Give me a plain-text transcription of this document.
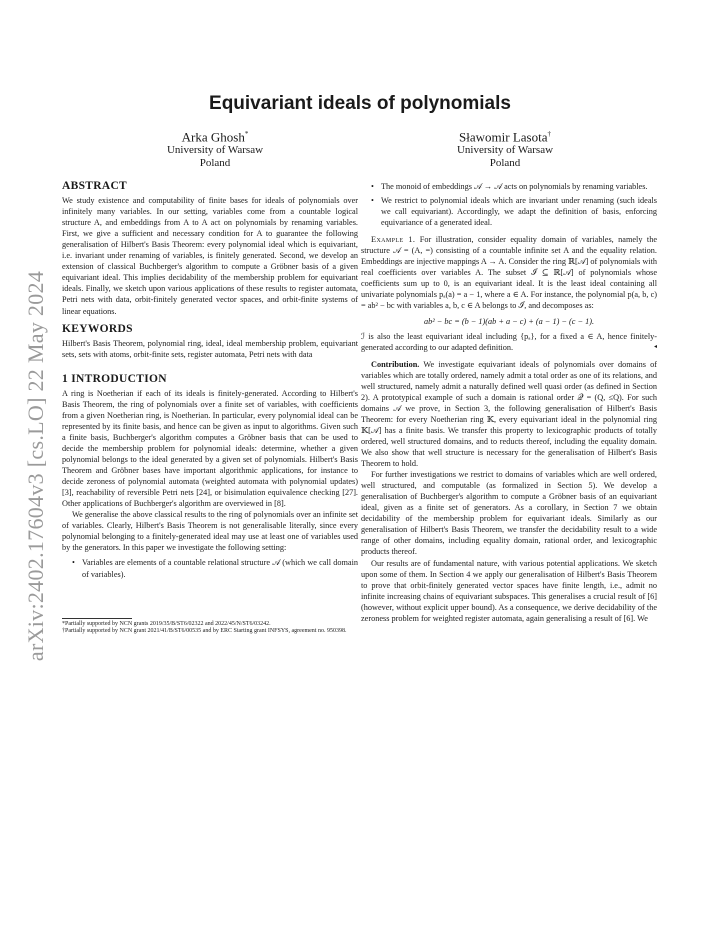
arXiv:2402.17604v3 [cs.LO] 22 May 2024
Equivariant ideals of polynomials
Arka Ghosh*
University of Warsaw
Poland
Sławomir Lasota†
University of Warsaw
Poland
ABSTRACT

We study existence and computability of finite bases for ideals of polynomials over infinitely many variables. In our setting, variables come from a countable logical structure A, and embeddings from A to A act on polynomials by renaming variables. First, we give a sufficient and necessary condition for A to guarantee the following generalisation of Hilbert's Basis Theorem: every polynomial ideal which is equivariant, i.e. invariant under renaming of variables, is finitely generated. Second, we develop an extension of classical Buchberger's algorithm to compute a Gröbner basis of a given equivariant ideal. This implies decidability of the membership problem for equivariant ideals. Finally, we sketch upon various applications of these results to register automata, Petri nets with data, orbit-finitely generated vector spaces, and orbit-finite systems of linear equations.

KEYWORDS

Hilbert's Basis Theorem, polynomial ring, ideal, ideal membership problem, equivariant sets, sets with atoms, orbit-finite sets, register automata, Petri nets with data

1 INTRODUCTION

A ring is Noetherian if each of its ideals is finitely-generated. According to Hilbert's Basis Theorem, the ring of polynomials over a finite set of variables, with coefficients from a given Noetherian ring, is Noetherian. In particular, every polynomial ideal can be represented by its finite basis, and hence can be given as input to algorithms. Given such a finite basis, Buchberger's algorithm computes a Gröbner basis that can be used to decide the membership problem for polynomial ideals: determine, whether a given polynomial belongs to the ideal generated by a given set of polynomials. Hilbert's Basis Theorem and Gröbner bases have important algorithmic applications, for instance to decide zeroness of polynomial automata (weighted automata with polynomial updates) [3], reachability of reversible Petri nets [24], or bisimulation equivalence checking [27]. Other applications of Buchberger's algorithm are overviewed in [8].

We generalise the above classical results to the ring of polynomials over an infinite set of variables. Clearly, Hilbert's Basis Theorem is not generalisable literally, since every polynomial belonging to a finitely-generated ideal may use at least one of variables used by the generators. In this paper we investigate the following setting:

• Variables are elements of a countable relational structure 𝒜 (which we call domain of variables).
*Partially supported by NCN grants 2019/35/B/ST6/02322 and 2022/45/N/ST6/03242.
†Partially supported by NCN grant 2021/41/B/ST6/00535 and by ERC Starting grant INFSYS, agreement no. 950398.
• The monoid of embeddings 𝒜 → 𝒜 acts on polynomials by renaming variables.
• We restrict to polynomial ideals which are invariant under renaming (such ideals we call equivariant). Accordingly, we adapt the definition of basis, enforcing equivariance of a generated ideal.

Example 1. For illustration, consider equality domain of variables, namely the structure 𝒜 = (A, =) consisting of a countable infinite set A and the equality relation. Embeddings are injective mappings A → A. Consider the ring ℝ[𝒜] of polynomials with real coefficients over variables A. The subset ℐ ⊆ ℝ[𝒜] of polynomials whose coefficients sum up to 0, is an equivariant ideal. It is the least ideal containing all univariate polynomials pₐ(a) = a − 1, where a ∈ A. For instance, the polynomial p(a, b, c) = ab² − bc with variables a, b, c ∈ A belongs to ℐ, and decomposes as:

ab² − bc = (b − 1)(ab + a − c) + (a − 1) − (c − 1).

ℐ is also the least equivariant ideal including {pₐ}, for a fixed a ∈ A, hence finitely-generated according to our adapted definition.	◂

Contribution. We investigate equivariant ideals of polynomials over domains of variables which are totally ordered, namely admit a total order as one of its relations, and well structured, namely admit a naturally defined well quasi order (as defined in Section 2). A prototypical example of such a domain is rational order 𝒬 = (Q, ≤Q). For such domains 𝒜 we prove, in Section 3, the following generalisation of Hilbert's Basis Theorem: for every Noetherian ring 𝕂, every equivariant ideal in the polynomial ring 𝕂[𝒜] has a finite basis. We transfer this property to lexicographic products of totally ordered, well structured domains, and to reducts thereof, including the equality domain. We also show that well structure is necessary for the generalisation of Hilbert's Basis Theorem to hold.

For further investigations we restrict to domains of variables which are well ordered, well structured, and computable (as formalized in Section 5). We develop a generalisation of Buchberger's algorithm to compute a Gröbner basis of an equivariant ideal, given as a finite set of generators. As a corollary, in Section 7 we obtain decidability of the membership problem for equivariant ideals. Similarly as our generalisation of Hilbert's Basis Theorem, we transfer the decidability result to a wide range of other domains, including equality domain, rational order, and lexicographic products thereof.

Our results are of fundamental nature, with various potential applications. We sketch upon some of them. In Section 4 we apply our generalisation of Hilbert's Basis Theorem to prove that orbit-finitely generated vector spaces have finite length, i.e., admit no infinite increasing chains of equivariant subspaces. This generalises a crucial result of [6] (however, without explicit upper bound). As a consequence, we derive decidability of the zeroness problem for weighted register automata, again generalising a result of [6]. We
